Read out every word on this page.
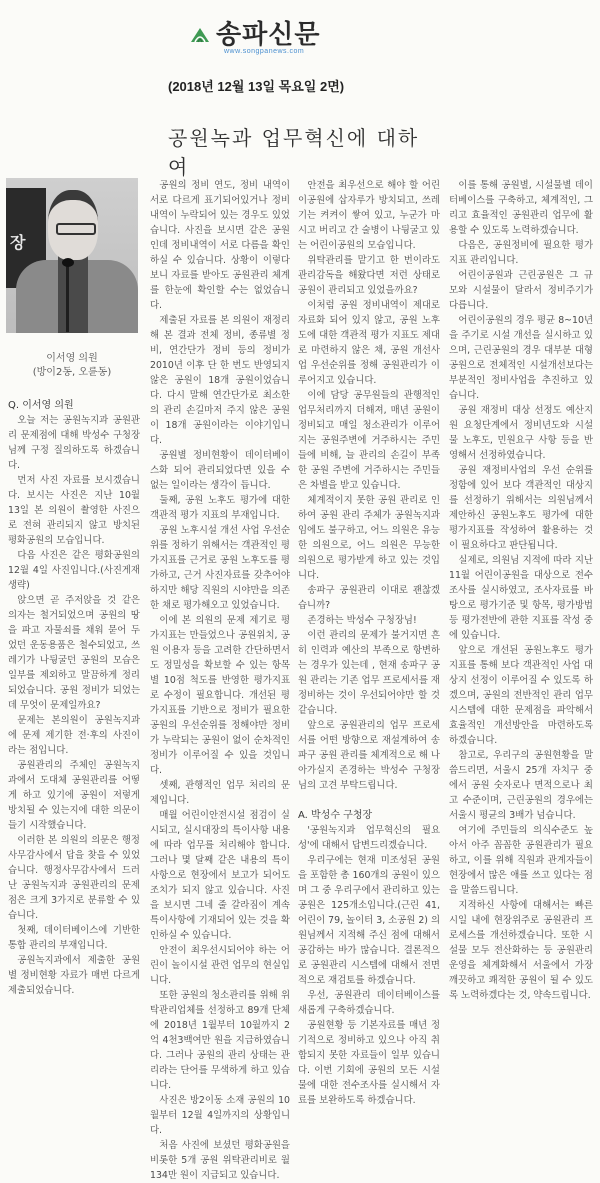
송파신문
www.songpanews.com
(2018년 12월 13일 목요일 2면)
공원녹과 업무혁신에 대하여
장
이서영 의원
(방이2동, 오륜동)

Q. 이서영 의원

오늘 저는 공원녹지과 공원관리 문제점에 대해 박성수 구청장님께 구정 질의하도록 하겠습니다.

먼저 사진 자료를 보시겠습니다. 보시는 사진은 지난 10월 13일 본 의원이 촬영한 사진으로 전혀 관리되지 않고 방치된 평화공원의 모습입니다.

다음 사진은 같은 평화공원의 12월 4일 사진입니다.(사진게재 생략)

앉으면 곧 주저앉을 것 같은 의자는 철거되었으며 공원의 땅을 파고 자물쇠를 채워 묻어 두었던 운동용품은 철수되었고, 쓰레기가 나뒹굴던 공원의 모습은 일부를 제외하고 말끔하게 정리되었습니다. 공원 정비가 되었는데 무엇이 문제일까요?

문제는 본의원이 공원녹지과에 문제 제기한 전·후의 사진이라는 점입니다.

공원관리의 주체인 공원녹지과에서 도대체 공원관리를 어떻게 하고 있기에 공원이 저렇게 방치될 수 있는지에 대한 의문이 들기 시작했습니다.

이러한 본 의원의 의문은 행정사무감사에서 답을 찾을 수 있었습니다. 행정사무감사에서 드러난 공원녹지과 공원관리의 문제점은 크게 3가지로 분류할 수 있습니다.

첫째, 데이터베이스에 기반한 통합 관리의 부재입니다.

공원녹지과에서 제출한 공원별 정비현황 자료가 매번 다르게 제출되었습니다.

공원의 정비 연도, 정비 내역이 서로 다르게 표기되어있거나 정비내역이 누락되어 있는 경우도 있었습니다. 사진을 보시면 같은 공원인데 정비내역이 서로 다름을 확인하실 수 있습니다. 상황이 이렇다 보니 자료를 받아도 공원관리 체계를 한눈에 확인할 수는 없었습니다.

제출된 자료를 본 의원이 재정리해 본 결과 전체 정비, 종류별 정비, 연간단가 정비 등의 정비가 2010년 이후 단 한 번도 반영되지 않은 공원이 18개 공원이었습니다. 다시 말해 연간단가로 최소한의 관리 손길마저 주지 않은 공원이 18개 공원이라는 이야기입니다.

공원별 정비현황이 데이터베이스화 되어 관리되었다면 있을 수 없는 일이라는 생각이 듭니다.

둘째, 공원 노후도 평가에 대한 객관적 평가 지표의 부재입니다.

공원 노후시설 개선 사업 우선순위를 정하기 위해서는 객관적인 평가지표를 근거로 공원 노후도를 평가하고, 근거 사진자료를 갖추어야 하지만 해당 직원의 시야만을 의존한 채로 평가해오고 있었습니다.

이에 본 의원의 문제 제기로 평가지표는 만들었으나 공원위치, 공원 이용자 등을 고려한 간단하면서도 정밀성을 확보할 수 있는 항목별 10점 척도를 반영한 평가지표로 수정이 필요합니다. 개선된 평가지표를 기반으로 정비가 필요한 공원의 우선순위를 정해야만 정비가 누락되는 공원이 없이 순차적인 정비가 이루어질 수 있을 것입니다.

셋째, 관행적인 업무 처리의 문제입니다.

매월 어린이안전시설 점검이 실시되고, 실시대장의 특이사항 내용에 따라 업무를 처리해야 합니다. 그러나 몇 달째 같은 내용의 특이사항으로 현장에서 보고가 되어도 조치가 되지 않고 있습니다. 사진을 보시면 그네 줄 갈라짐이 계속 특이사항에 기재되어 있는 것을 확인하실 수 있습니다.

안전이 최우선시되어야 하는 어린이 놀이시설 관련 업무의 현실입니다.

또한 공원의 청소관리를 위해 위탁관리업체를 선정하고 89개 단체에 2018년 1월부터 10월까지 2억 4천3백여만 원을 지급하였습니다. 그러나 공원의 관리 상태는 관리라는 단어를 무색하게 하고 있습니다.

사진은 방2이동 소재 공원의 10월부터 12월 4일까지의 상황입니다.

처음 사진에 보셨던 평화공원을 비롯한 5개 공원 위탁관리비로 월 134만 원이 지급되고 있습니다.

안전을 최우선으로 해야 할 어린이공원에 삽자루가 방치되고, 쓰레기는 켜켜이 쌓여 있고, 누군가 마시고 버리고 간 술병이 나뒹굴고 있는 어린이공원의 모습입니다.

위탁관리를 맡기고 한 번이라도 관리감독을 해왔다면 저런 상태로 공원이 관리되고 있었을까요?

이처럼 공원 정비내역이 제대로 자료화 되어 있지 않고, 공원 노후도에 대한 객관적 평가 지표도 제대로 마련하지 않은 채, 공원 개선사업 우선순위를 정해 공원관리가 이루어지고 있습니다.

이에 담당 공무원들의 관행적인 업무처리까지 더해져, 매년 공원이 정비되고 매일 청소관리가 이루어지는 공원주변에 거주하시는 주민들에 비해, 늘 관리의 손길이 부족한 공원 주변에 거주하시는 주민들은 차별을 받고 있습니다.

체계적이지 못한 공원 관리로 인하여 공원 관리 주체가 공원녹지과임에도 불구하고, 어느 의원은 유능한 의원으로, 어느 의원은 무능한 의원으로 평가받게 하고 있는 것입니다.

송파구 공원관리 이대로 괜찮겠습니까?

존경하는 박성수 구청장님!

이런 관리의 문제가 불거지면 흔히 인력과 예산의 부족으로 항변하는 경우가 있는데 , 현재 송파구 공원 관리는 기존 업무 프로세서를 재정비하는 것이 우선되어야만 할 것 같습니다.

앞으로 공원관리의 업무 프로세서를 어떤 방향으로 재설계하여 송파구 공원 관리를 체계적으로 해 나아가실지 존경하는 박성수 구청장님의 고견 부탁드립니다.

A. 박성수 구청장

'공원녹지과 업무혁신의 필요성'에 대해서 답변드리겠습니다.

우리구에는 현재 미조성된 공원을 포함한 총 160개의 공원이 있으며 그 중 우리구에서 관리하고 있는 공원은 125개소입니다.(근린 41, 어린이 79, 놀이터 3, 소공원 2) 의원님께서 지적해 주신 점에 대해서 공감하는 바가 많습니다. 결론적으로 공원관리 시스템에 대해서 전면적으로 재검토를 하겠습니다.

우선, 공원관리 데이터베이스를 새롭게 구축하겠습니다.

공원현황 등 기본자료를 매년 정기적으로 정비하고 있으나 아직 취합되지 못한 자료들이 일부 있습니다. 이번 기회에 공원의 모든 시설물에 대한 전수조사를 실시해서 자료를 보완하도록 하겠습니다.

이를 통해 공원별, 시설물별 데이터베이스를 구축하고, 체계적인, 그리고 효율적인 공원관리 업무에 활용할 수 있도록 노력하겠습니다.

다음은, 공원정비에 필요한 평가지표 관리입니다.

어린이공원과 근린공원은 그 규모와 시설물이 달라서 정비주기가 다릅니다.

어린이공원의 경우 평균 8~10년을 주기로 시설 개선을 실시하고 있으며, 근린공원의 경우 대부분 대형공원으로 전체적인 시설개선보다는 부분적인 정비사업을 추진하고 있습니다.

공원 재정비 대상 선정도 예산지원 요청단계에서 정비년도와 시설물 노후도, 민원요구 사항 등을 반영해서 선정하였습니다.

공원 재정비사업의 우선 순위를 정함에 있어 보다 객관적인 대상지를 선정하기 위해서는 의원님께서 제안하신 공원노후도 평가에 대한 평가지표를 작성하여 활용하는 것이 필요하다고 판단됩니다.

실제로, 의원님 지적에 따라 지난 11월 어린이공원을 대상으로 전수조사를 실시하였고, 조사자료를 바탕으로 평가기준 및 항목, 평가방법 등 평가전반에 관한 지표를 작성 중에 있습니다.

앞으로 개선된 공원노후도 평가지표를 통해 보다 객관적인 사업 대상지 선정이 이루어질 수 있도록 하겠으며, 공원의 전반적인 관리 업무시스템에 대한 문제점을 파악해서 효율적인 개선방안을 마련하도록 하겠습니다.

참고로, 우리구의 공원현황을 말씀드리면, 서울시 25개 자치구 중에서 공원 숫자로나 면적으로나 최고 수준이며, 근린공원의 경우에는 서울시 평균의 3배가 넘습니다.

여기에 주민들의 의식수준도 높아서 아주 꼼꼼한 공원관리가 필요하고, 이를 위해 직원과 관계자들이 현장에서 많은 애를 쓰고 있다는 점을 말씀드립니다.

지적하신 사항에 대해서는 빠른 시일 내에 현장위주로 공원관리 프로세스를 개선하겠습니다. 또한 시설물 모두 전산화하는 등 공원관리운영을 체계화해서 서울에서 가장 깨끗하고 쾌적한 공원이 될 수 있도록 노력하겠다는 것, 약속드립니다.
